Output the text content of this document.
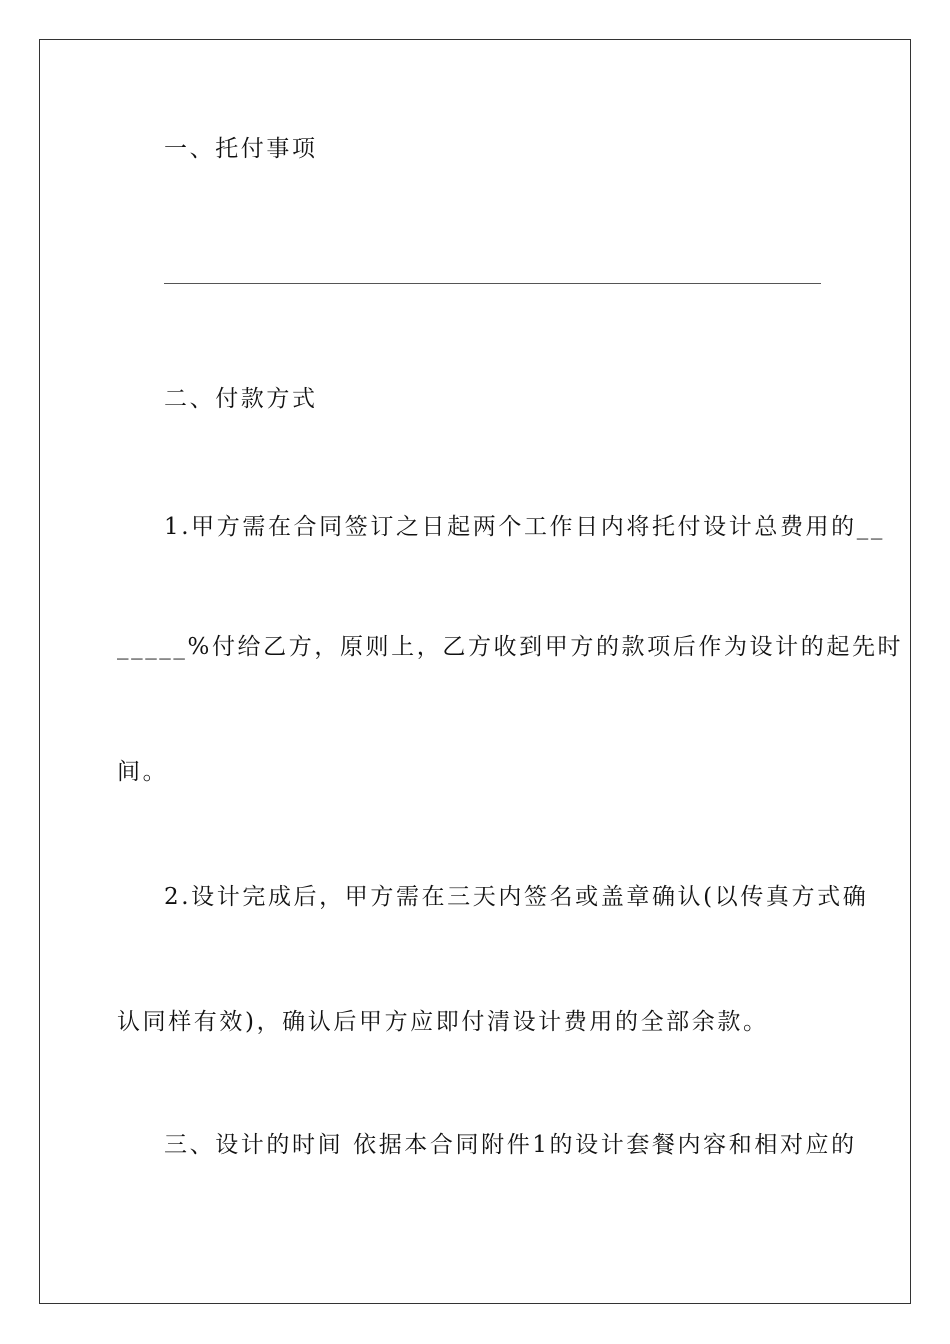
一、托付事项
二、付款方式
1.甲方需在合同签订之日起两个工作日内将托付设计总费用的__
_____%付给乙方，原则上，乙方收到甲方的款项后作为设计的起先时
间。
2.设计完成后，甲方需在三天内签名或盖章确认(以传真方式确
认同样有效)，确认后甲方应即付清设计费用的全部余款。
三、设计的时间 依据本合同附件1的设计套餐内容和相对应的
